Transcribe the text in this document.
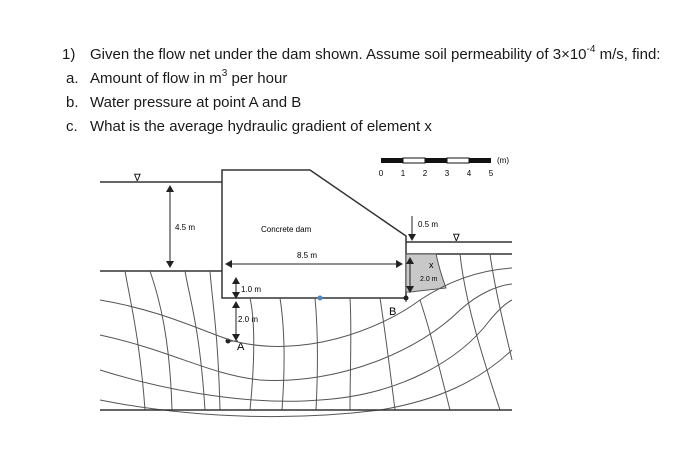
1) Given the flow net under the dam shown. Assume soil permeability of $3\times 10^{-4}$ m/s, find:
a. Amount of flow in $m^3$ per hour
b. Water pressure at point A and B
c. What is the average hydraulic gradient of element x
0 1 2 3 4 5
(m)
∇
Concrete dam
4.5 m
8.5 m
∇
0.5 m
x
2.0 m
B
1.0 m
2.0 m
A
